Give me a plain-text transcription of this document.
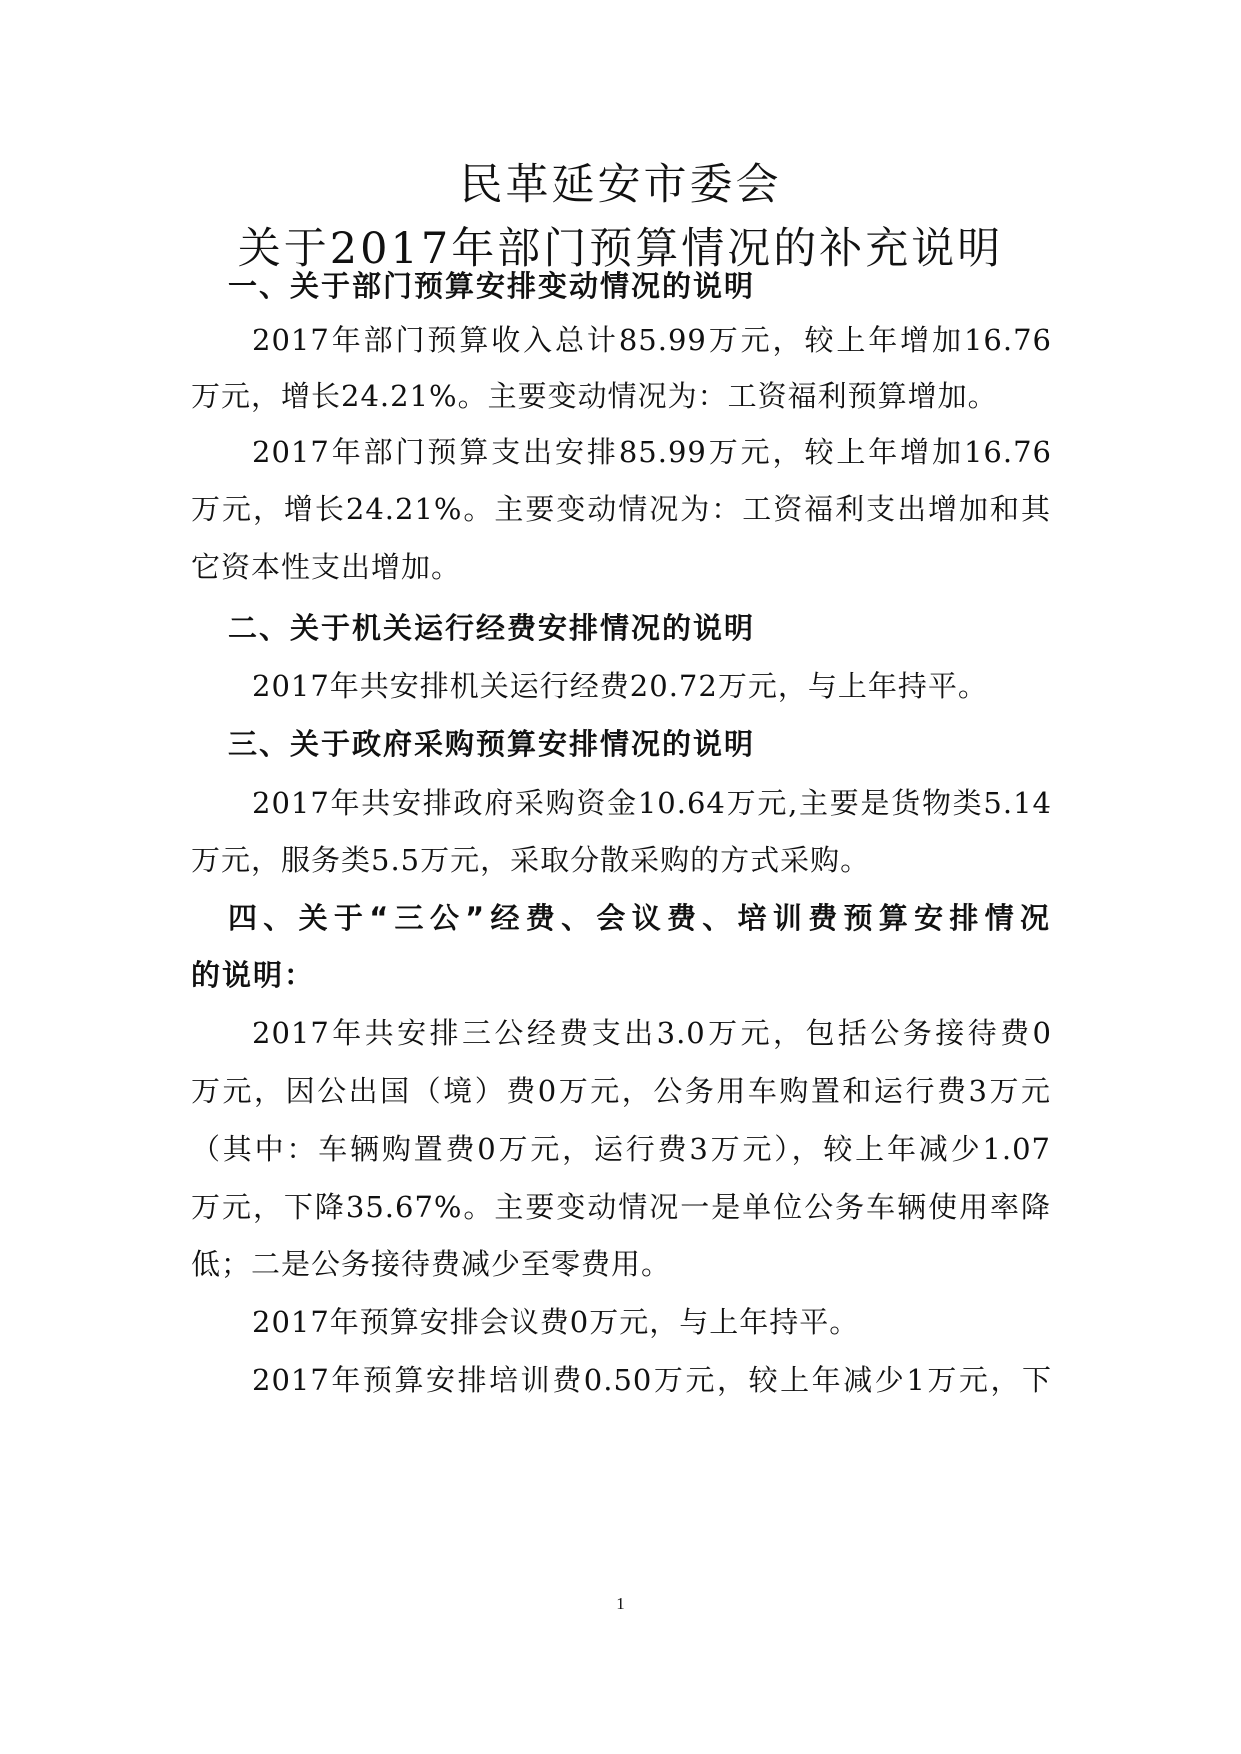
民革延安市委会
关于2017年部门预算情况的补充说明

一、关于部门预算安排变动情况的说明

2017年部门预算收入总计85.99万元，较上年增加16.76

万元，增长24.21%。主要变动情况为：工资福利预算增加。

2017年部门预算支出安排85.99万元，较上年增加16.76

万元，增长24.21%。主要变动情况为：工资福利支出增加和其

它资本性支出增加。

二、关于机关运行经费安排情况的说明

2017年共安排机关运行经费20.72万元，与上年持平。

三、关于政府采购预算安排情况的说明

2017年共安排政府采购资金10.64万元,主要是货物类5.14

万元，服务类5.5万元，采取分散采购的方式采购。

四、关于“三公”经费、会议费、培训费预算安排情况

的说明：

2017年共安排三公经费支出3.0万元，包括公务接待费0

万元，因公出国（境）费0万元，公务用车购置和运行费3万元

（其中：车辆购置费0万元，运行费3万元），较上年减少1.07

万元，下降35.67%。主要变动情况一是单位公务车辆使用率降

低；二是公务接待费减少至零费用。

2017年预算安排会议费0万元，与上年持平。

2017年预算安排培训费0.50万元，较上年减少1万元，下

1
